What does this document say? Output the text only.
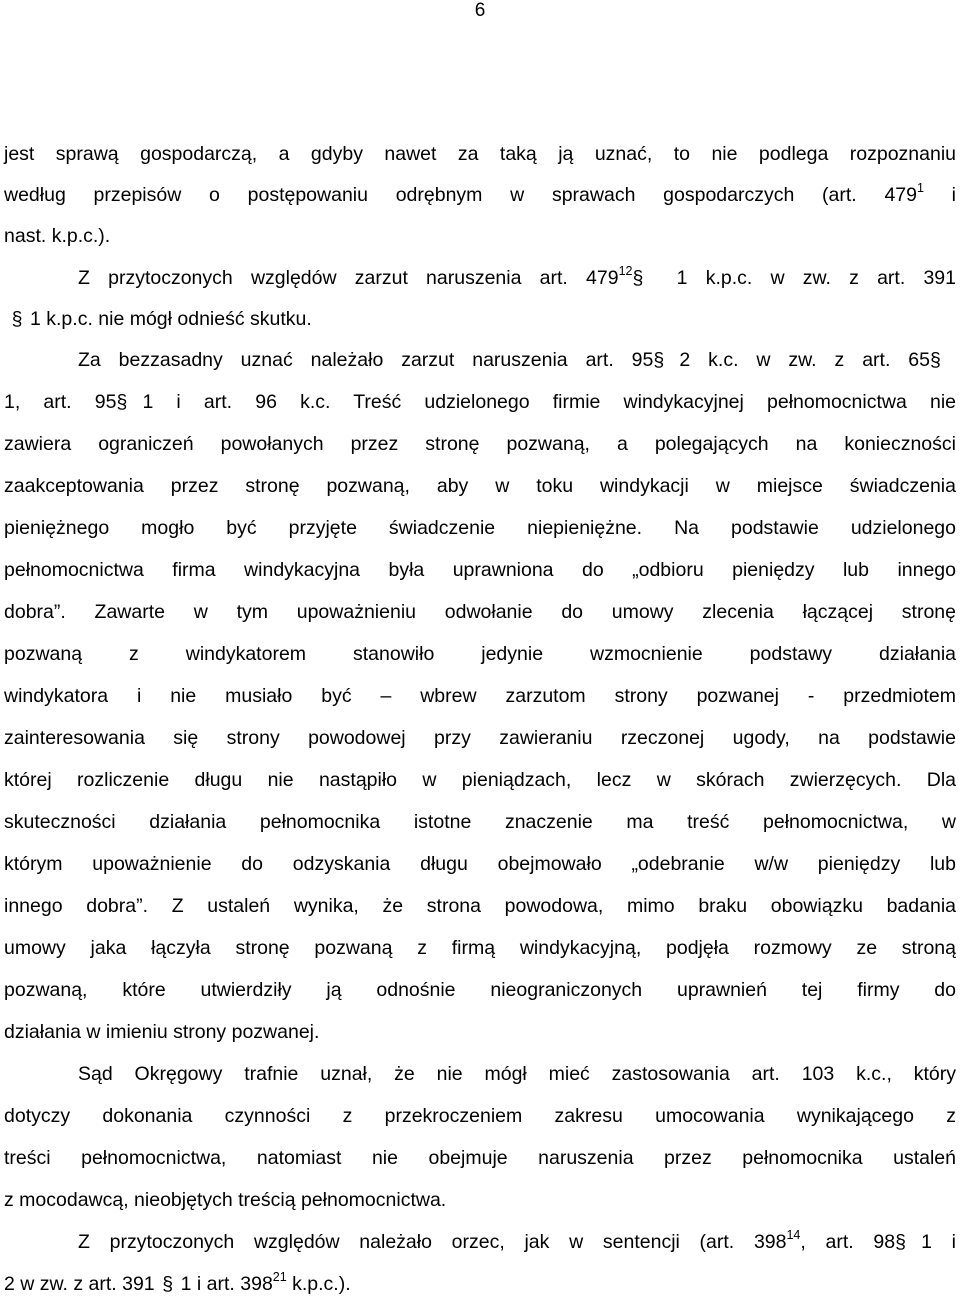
6
jest sprawą gospodarczą, a gdyby nawet za taką ją uznać, to nie podlega rozpoznaniu
według przepisów o postępowaniu odrębnym w sprawach gospodarczych (art. $479^1$ i
nast. k.p.c.).
Z przytoczonych względów zarzut naruszenia art. $479^{12}\S$ 1 k.p.c. w zw. z art. 391
§ 1 k.p.c. nie mógł odnieść skutku.
Za bezzasadny uznać należało zarzut naruszenia art. 95§ 2 k.c. w zw. z art. 65§
1, art. 95§ 1 i art. 96 k.c. Treść udzielonego firmie windykacyjnej pełnomocnictwa nie
zawiera ograniczeń powołanych przez stronę pozwaną, a polegających na konieczności
zaakceptowania przez stronę pozwaną, aby w toku windykacji w miejsce świadczenia
pieniężnego mogło być przyjęte świadczenie niepieniężne. Na podstawie udzielonego
pełnomocnictwa firma windykacyjna była uprawniona do „odbioru pieniędzy lub innego
dobra”. Zawarte w tym upoważnieniu odwołanie do umowy zlecenia łączącej stronę
pozwaną z windykatorem stanowiło jedynie wzmocnienie podstawy działania
windykatora i nie musiało być – wbrew zarzutom strony pozwanej - przedmiotem
zainteresowania się strony powodowej przy zawieraniu rzeczonej ugody, na podstawie
której rozliczenie długu nie nastąpiło w pieniądzach, lecz w skórach zwierzęcych. Dla
skuteczności działania pełnomocnika istotne znaczenie ma treść pełnomocnictwa, w
którym upoważnienie do odzyskania długu obejmowało „odebranie w/w pieniędzy lub
innego dobra”. Z ustaleń wynika, że strona powodowa, mimo braku obowiązku badania
umowy jaka łączyła stronę pozwaną z firmą windykacyjną, podjęła rozmowy ze stroną
pozwaną, które utwierdziły ją odnośnie nieograniczonych uprawnień tej firmy do
działania w imieniu strony pozwanej.
Sąd Okręgowy trafnie uznał, że nie mógł mieć zastosowania art. 103 k.c., który
dotyczy dokonania czynności z przekroczeniem zakresu umocowania wynikającego z
treści pełnomocnictwa, natomiast nie obejmuje naruszenia przez pełnomocnika ustaleń
z mocodawcą, nieobjętych treścią pełnomocnictwa.
Z przytoczonych względów należało orzec, jak w sentencji (art. $398^{14}$, art. 98§ 1 i
2 w zw. z art. 391 § 1 i art. $398^{21}$ k.p.c.).
